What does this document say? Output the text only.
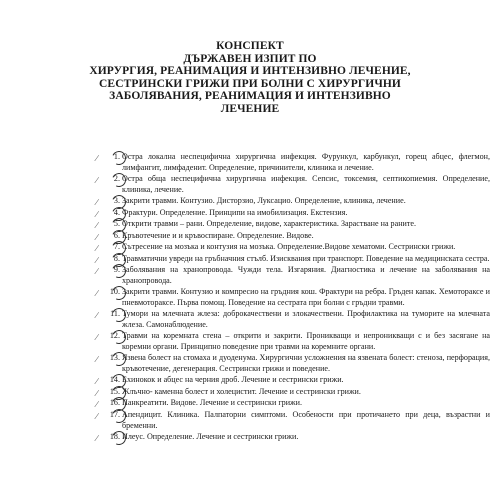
КОНСПЕКТ
ДЪРЖАВЕН ИЗПИТ ПО
ХИРУРГИЯ, РЕАНИМАЦИЯ И ИНТЕНЗИВНО ЛЕЧЕНИЕ,
СЕСТРИНСКИ ГРИЖИ ПРИ БОЛНИ С ХИРУРГИЧНИ
ЗАБОЛЯВАНИЯ, РЕАНИМАЦИЯ И ИНТЕНЗИВНО
ЛЕЧЕНИЕ
∕	1. Остра локална неспецифична хирургична инфекция. Фурункул, карбункул, горещ абцес, флегмон, лимфангит, лимфаденит. Определение, причинители, клиника и лечение.
∕	2. Остра обща неспецифична хирургична инфекция. Сепсис, токсемия, септикопиемия. Определение, клиника, лечение.
∕	3. Закрити травми. Контузио. Дисторзио, Луксацио. Определение, клиника, лечение.
∕	4. Фрактури. Определение. Принципи на имобилизация. Екстензия.
∕	5. Открити травми – рани. Определение, видове, характеристика. Зарастване на раните.
∕	6. Кръвотечение и и кръвоспиране. Определение. Видове.
∕	7. Сътресение на мозъка и контузия на мозъка. Определение.Видове хематоми. Сестрински грижи.
∕	8. Травматични увреди на гръбначния стълб. Изисквания при транспорт. Поведение на медицинската сестра.
∕	9. Заболявания на хранопровода. Чужди тела. Изгаряния. Диагностика и лечение на заболявания на хранопровода.
∕	10. Закрити травми. Контузио и компресио на гръдния кош. Фрактури на ребра. Гръден капак. Хемотораксе и пневмотораксе. Първа помощ. Поведение на сестрата при болни с гръдни травми.
∕	11. Тумори на млечната жлеза: доброкачествени и злокачествени. Профилактика на туморите на млечната жлеза. Самонаблюдение.
∕	12. Травми на коремната стена – открити и закрити. Проникващи и непроникващи с и без засягане на коремни органи. Принципно поведение при травми на коремните органи.
∕	13. Язвена болест на стомаха и дуоденума. Хирургични усложнения на язвената болест: стеноза, перфорация, кръвотечение, дегенерация. Сестрински грижи и поведение.
∕	14. Ехинокок и абцес на черния дроб. Лечение и сестрински грижи.
∕	15. Жлъчно- каменна болест и холецистит. Лечение и сестрински грижи.
∕	16. Панкреатити. Видове. Лечение и сестрински грижи.
∕	17. Апендицит. Клиника. Палпаторни симптоми. Особености при протичането при деца, възрастни и бременни.
∕	18. Илеус. Определение. Лечение и сестрински грижи.
